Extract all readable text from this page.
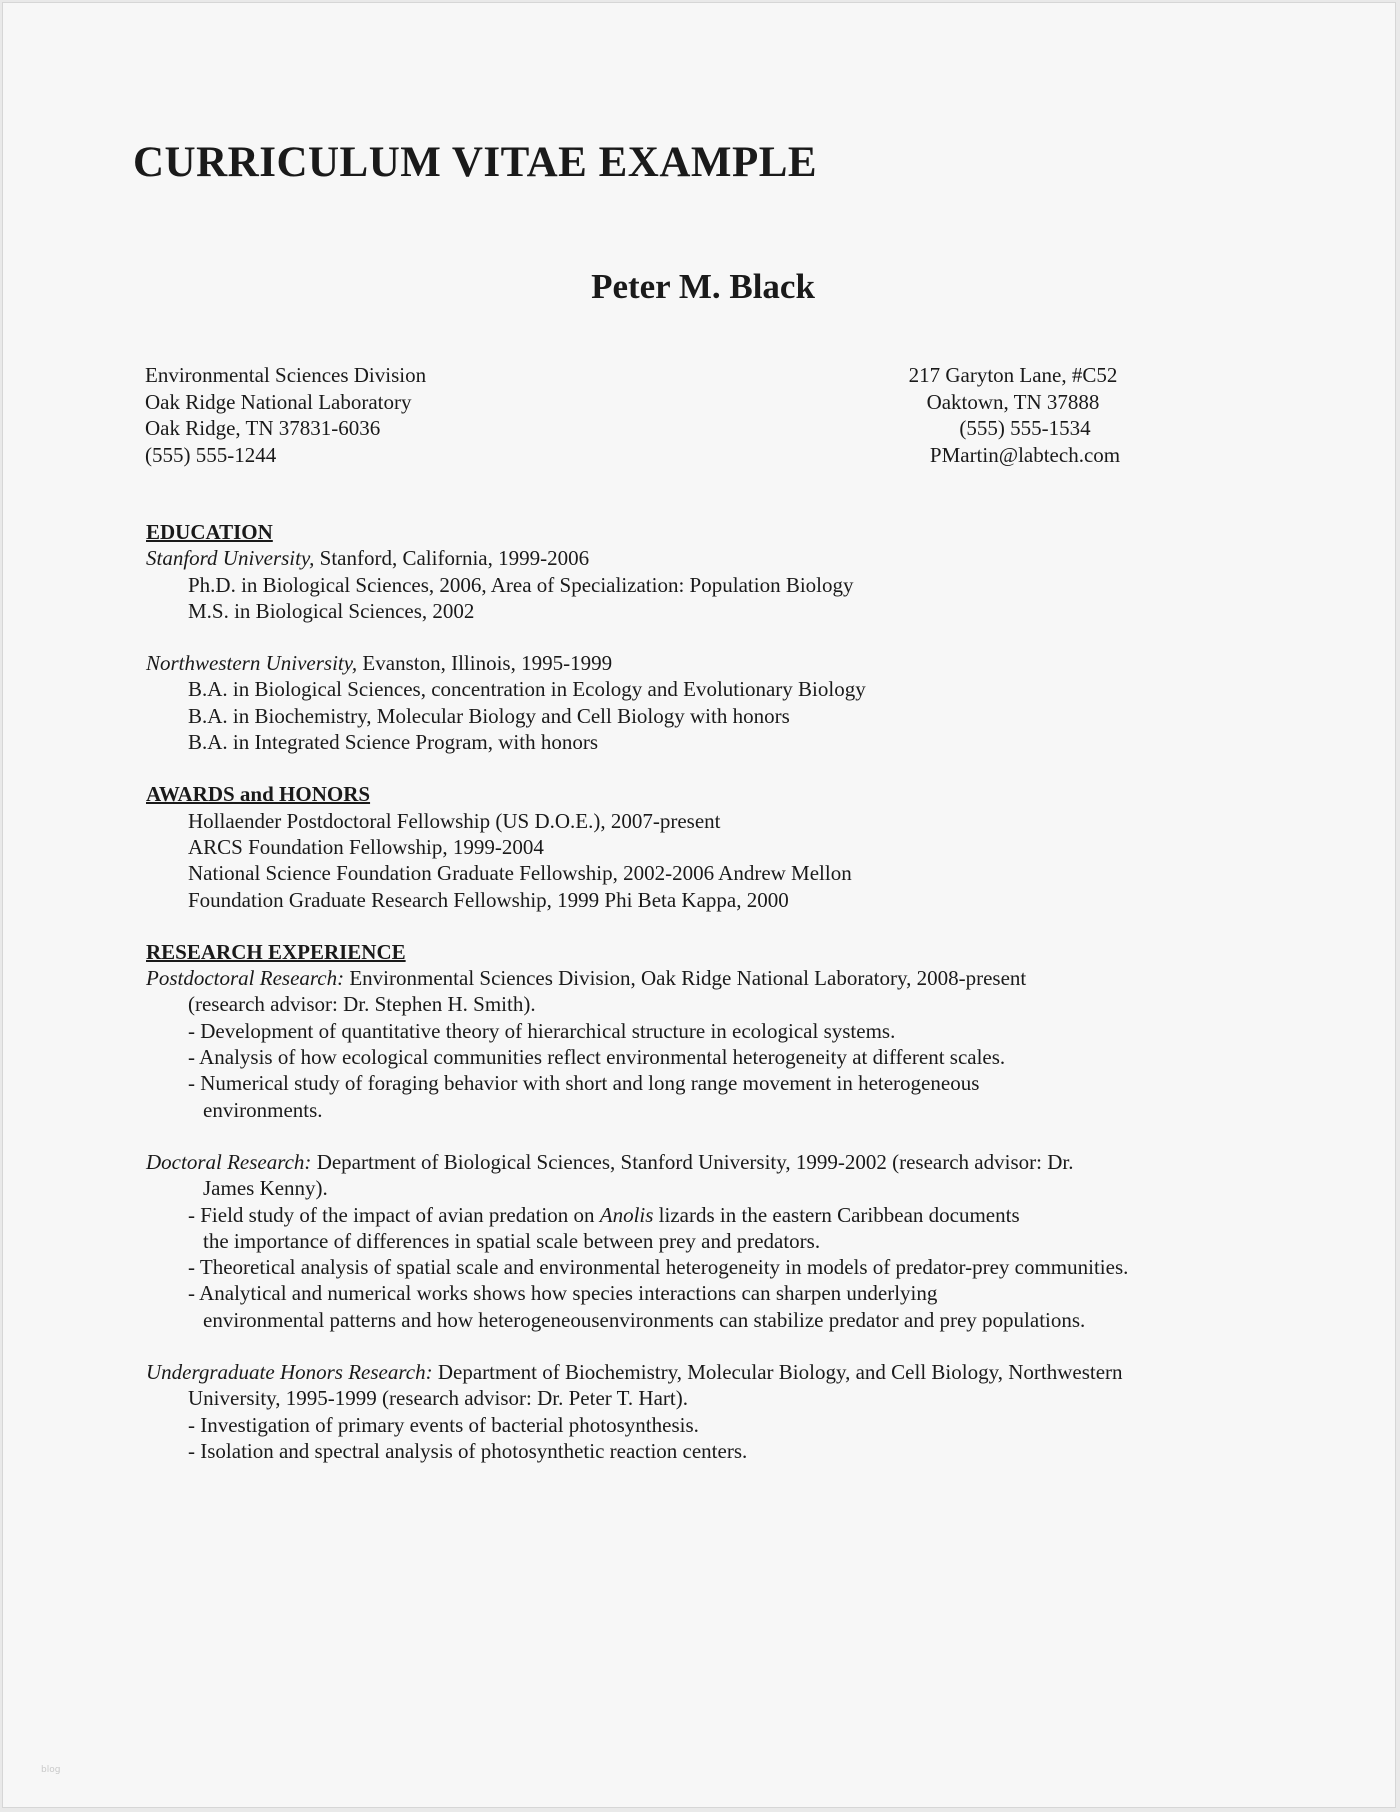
CURRICULUM VITAE EXAMPLE
Peter M. Black
Environmental Sciences Division
Oak Ridge National Laboratory
Oak Ridge, TN 37831-6036
(555) 555-1244
217 Garyton Lane, #C52
Oaktown, TN 37888
(555) 555-1534
PMartin@labtech.com
EDUCATION
Stanford University, Stanford, California, 1999-2006
Ph.D. in Biological Sciences, 2006, Area of Specialization: Population Biology
M.S. in Biological Sciences, 2002
Northwestern University, Evanston, Illinois, 1995-1999
B.A. in Biological Sciences, concentration in Ecology and Evolutionary Biology
B.A. in Biochemistry, Molecular Biology and Cell Biology with honors
B.A. in Integrated Science Program, with honors
AWARDS and HONORS
Hollaender Postdoctoral Fellowship (US D.O.E.), 2007-present
ARCS Foundation Fellowship, 1999-2004
National Science Foundation Graduate Fellowship, 2002-2006 Andrew Mellon
Foundation Graduate Research Fellowship, 1999 Phi Beta Kappa, 2000
RESEARCH EXPERIENCE
Postdoctoral Research: Environmental Sciences Division, Oak Ridge National Laboratory, 2008-present
(research advisor: Dr. Stephen H. Smith).
- Development of quantitative theory of hierarchical structure in ecological systems.
- Analysis of how ecological communities reflect environmental heterogeneity at different scales.
- Numerical study of foraging behavior with short and long range movement in heterogeneous
environments.
Doctoral Research: Department of Biological Sciences, Stanford University, 1999-2002 (research advisor: Dr.
James Kenny).
- Field study of the impact of avian predation on Anolis lizards in the eastern Caribbean documents
the importance of differences in spatial scale between prey and predators.
- Theoretical analysis of spatial scale and environmental heterogeneity in models of predator-prey communities.
- Analytical and numerical works shows how species interactions can sharpen underlying
environmental patterns and how heterogeneousenvironments can stabilize predator and prey populations.
Undergraduate Honors Research: Department of Biochemistry, Molecular Biology, and Cell Biology, Northwestern
University, 1995-1999 (research advisor: Dr. Peter T. Hart).
- Investigation of primary events of bacterial photosynthesis.
- Isolation and spectral analysis of photosynthetic reaction centers.
blog
